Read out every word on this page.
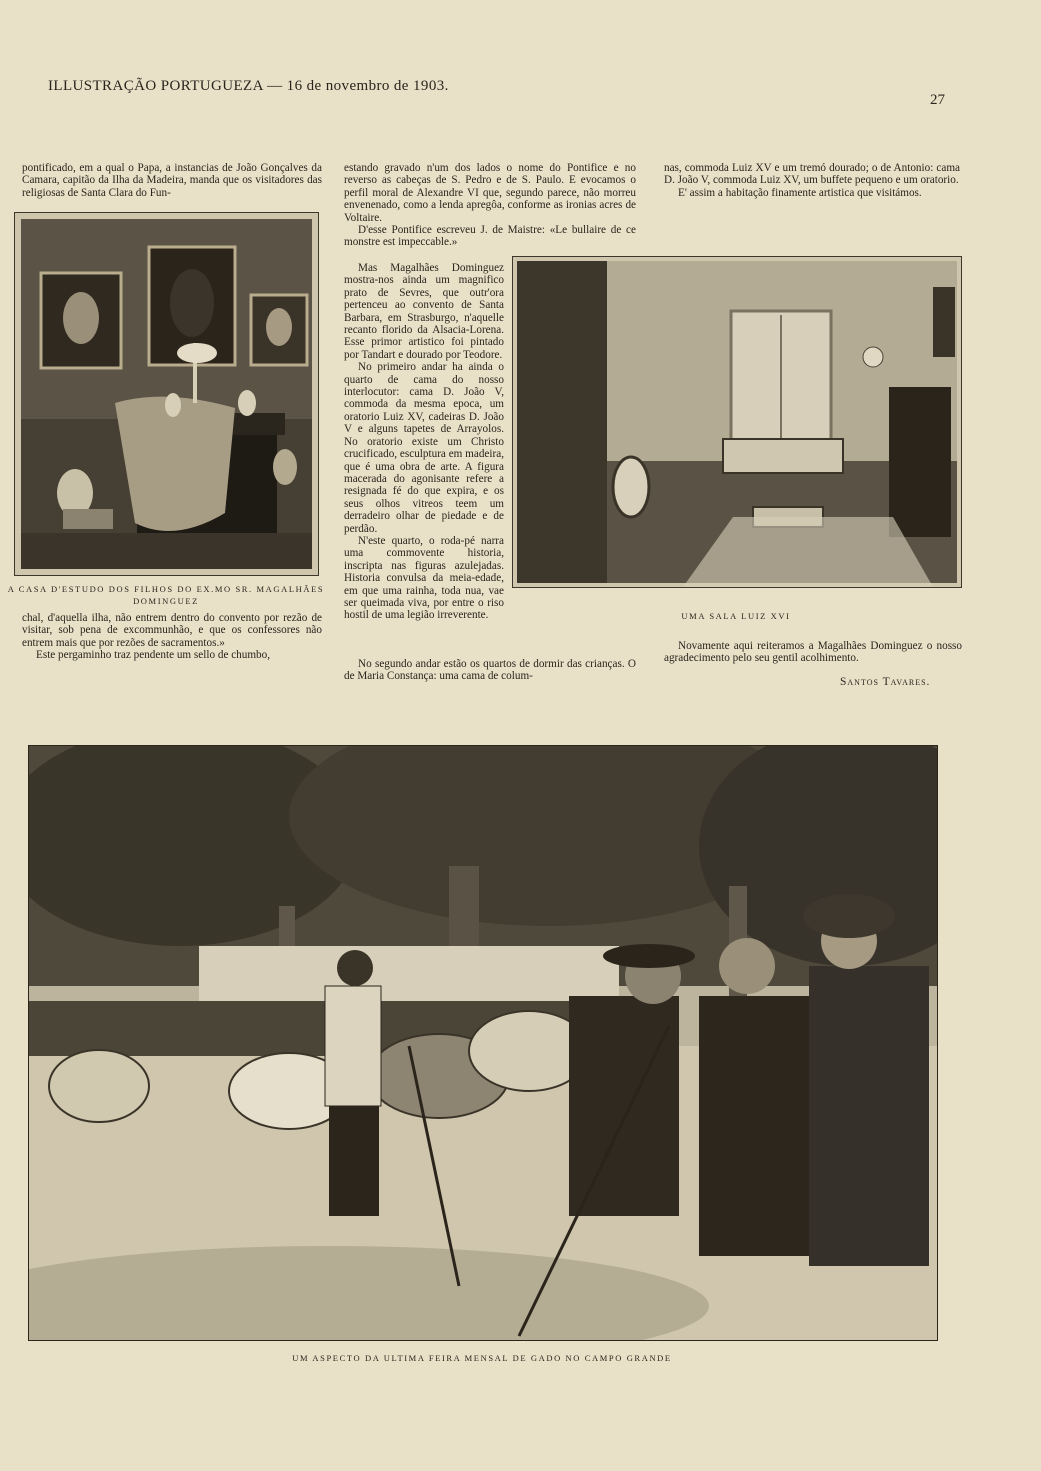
ILLUSTRAÇÃO PORTUGUEZA — 16 de novembro de 1903.
27

pontificado, em a qual o Papa, a instancias de João Gonçalves da Camara, capitão da Ilha da Madeira, manda que os visitadores das religiosas de Santa Clara do Fun-

A CASA D'ESTUDO DOS FILHOS DO EX.MO SR. MAGALHÃES
DOMINGUEZ

chal, d'aquella ilha, não entrem dentro do convento por rezão de visitar, sob pena de excommunhão, e que os confessores não entrem mais que por rezões de sacramentos.»

Este pergaminho traz pendente um sello de chumbo,

estando gravado n'um dos lados o nome do Pontifice e no reverso as cabeças de S. Pedro e de S. Paulo. E evocamos o perfil moral de Alexandre VI que, segundo parece, não morreu envenenado, como a lenda apregôa, conforme as ironias acres de Voltaire.

D'esse Pontifice escreveu J. de Maistre: «Le bullaire de ce monstre est impeccable.»

Mas Magalhães Dominguez mostra-nos ainda um magnifico prato de Sevres, que outr'ora pertenceu ao convento de Santa Barbara, em Strasburgo, n'aquelle recanto florido da Alsacia-Lorena. Esse primor artistico foi pintado por Tandart e dourado por Teodore.

No primeiro andar ha ainda o quarto de cama do nosso interlocutor: cama D. João V, commoda da mesma epoca, um oratorio Luiz XV, cadeiras D. João V e alguns tapetes de Arrayolos. No oratorio existe um Christo crucificado, esculptura em madeira, que é uma obra de arte. A figura macerada do agonisante refere a resignada fé do que expira, e os seus olhos vitreos teem um derradeiro olhar de piedade e de perdão.

N'este quarto, o roda-pé narra uma commovente historia, inscripta nas figuras azulejadas. Historia convulsa da meia-edade, em que uma rainha, toda nua, vae ser queimada viva, por entre o riso hostil de uma legião irreverente.

No segundo andar estão os quartos de dormir das crianças. O de Maria Constança: uma cama de colum-

nas, commoda Luiz XV e um tremó dourado; o de Antonio: cama D. João V, commoda Luiz XV, um buffete pequeno e um oratorio.

E' assim a habitação finamente artistica que visitámos.

UMA SALA LUIZ XVI

Novamente aqui reiteramos a Magalhães Dominguez o nosso agradecimento pelo seu gentil acolhimento.

Santos Tavares.
UM ASPECTO DA ULTIMA FEIRA MENSAL DE GADO NO CAMPO GRANDE
